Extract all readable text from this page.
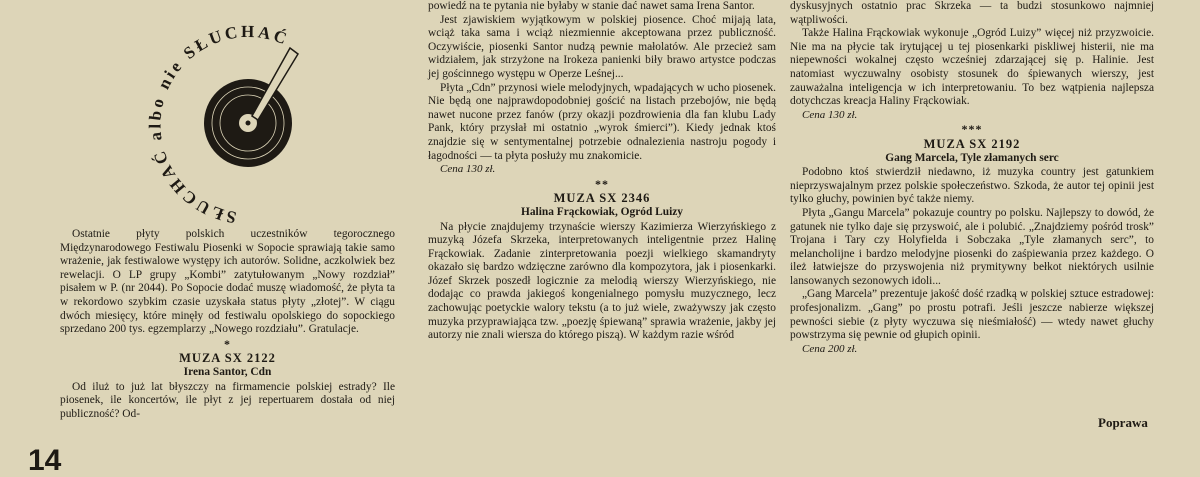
SŁUCHAĆ albo nie SŁUCHAĆ

Ostatnie płyty polskich uczestników tegorocznego Międzynarodowego Festiwalu Piosenki w Sopocie sprawiają takie samo wrażenie, jak festiwalowe występy ich autorów. Solidne, aczkolwiek bez rewelacji. O LP grupy „Kombi” zatytułowanym „Nowy rozdział” pisałem w P. (nr 2044). Po Sopocie dodać muszę wiadomość, że płyta ta w rekordowo szybkim czasie uzyskała status płyty „złotej”. W ciągu dwóch miesięcy, które minęły od festiwalu opolskiego do sopockiego sprzedano 200 tys. egzemplarzy „Nowego rozdziału”. Gratulacje.

*
MUZA SX 2122
Irena Santor, Cdn

Od iluż to już lat błyszczy na firmamencie polskiej estrady? Ile piosenek, ile koncertów, ile płyt z jej repertuarem dostała od niej publiczność? Od-

powiedź na te pytania nie byłaby w stanie dać nawet sama Irena Santor.

Jest zjawiskiem wyjątkowym w polskiej piosence. Choć mijają lata, wciąż taka sama i wciąż niezmiennie akceptowana przez publiczność. Oczywiście, piosenki Santor nudzą pewnie małolatów. Ale przecież sam widziałem, jak strzyżone na Irokeza panienki biły brawo artystce podczas jej gościnnego występu w Operze Leśnej...

Płyta „Cdn” przynosi wiele melodyjnych, wpadających w ucho piosenek. Nie będą one najprawdopodobniej gościć na listach przebojów, nie będą nawet nucone przez fanów (przy okazji pozdrowienia dla fan klubu Lady Pank, który przysłał mi ostatnio „wyrok śmierci”). Kiedy jednak ktoś znajdzie się w sentymentalnej potrzebie odnalezienia nastroju pogody i łagodności — ta płyta posłuży mu znakomicie.

Cena 130 zł.

**
MUZA SX 2346
Halina Frąckowiak, Ogród Luizy

Na płycie znajdujemy trzynaście wierszy Kazimierza Wierzyńskiego z muzyką Józefa Skrzeka, interpretowanych inteligentnie przez Halinę Frąckowiak. Zadanie zinterpretowania poezji wielkiego skamandryty okazało się bardzo wdzięczne zarówno dla kompozytora, jak i piosenkarki. Józef Skrzek poszedł logicznie za melodią wierszy Wierzyńskiego, nie dodając co prawda jakiegoś kongenialnego pomysłu muzycznego, lecz zachowując poetyckie walory tekstu (a to już wiele, zważywszy jak często muzyka przyprawiająca tzw. „poezję śpiewaną” sprawia wrażenie, jakby jej autorzy nie znali wiersza do którego piszą). W każdym razie wśród

dyskusyjnych ostatnio prac Skrzeka — ta budzi stosunkowo najmniej wątpliwości.

Także Halina Frąckowiak wykonuje „Ogród Luizy” więcej niż przyzwoicie. Nie ma na płycie tak irytującej u tej piosenkarki piskliwej histerii, nie ma niepewności wokalnej często wcześniej zdarzającej się p. Halinie. Jest natomiast wyczuwalny osobisty stosunek do śpiewanych wierszy, jest zauważalna inteligencja w ich interpretowaniu. To bez wątpienia najlepsza dotychczas kreacja Haliny Frąckowiak.

Cena 130 zł.

***
MUZA SX 2192
Gang Marcela, Tyle złamanych serc

Podobno ktoś stwierdził niedawno, iż muzyka country jest gatunkiem nieprzyswajalnym przez polskie społeczeństwo. Szkoda, że autor tej opinii jest tylko głuchy, powinien być także niemy.

Płyta „Gangu Marcela” pokazuje country po polsku. Najlepszy to dowód, że gatunek nie tylko daje się przyswoić, ale i polubić. „Znajdziemy pośród trosk” Trojana i Tary czy Holyfielda i Sobczaka „Tyle złamanych serc”, to melancholijne i bardzo melodyjne piosenki do zaśpiewania przez każdego. O ileż łatwiejsze do przyswojenia niż prymitywny bełkot niektórych usilnie lansowanych sezonowych idoli...

„Gang Marcela” prezentuje jakość dość rzadką w polskiej sztuce estradowej: profesjonalizm. „Gang” po prostu potrafi. Jeśli jeszcze nabierze większej pewności siebie (z płyty wyczuwa się nieśmiałość) — wtedy nawet głuchy powstrzyma się pewnie od głupich opinii.

Cena 200 zł.

Poprawa
14
